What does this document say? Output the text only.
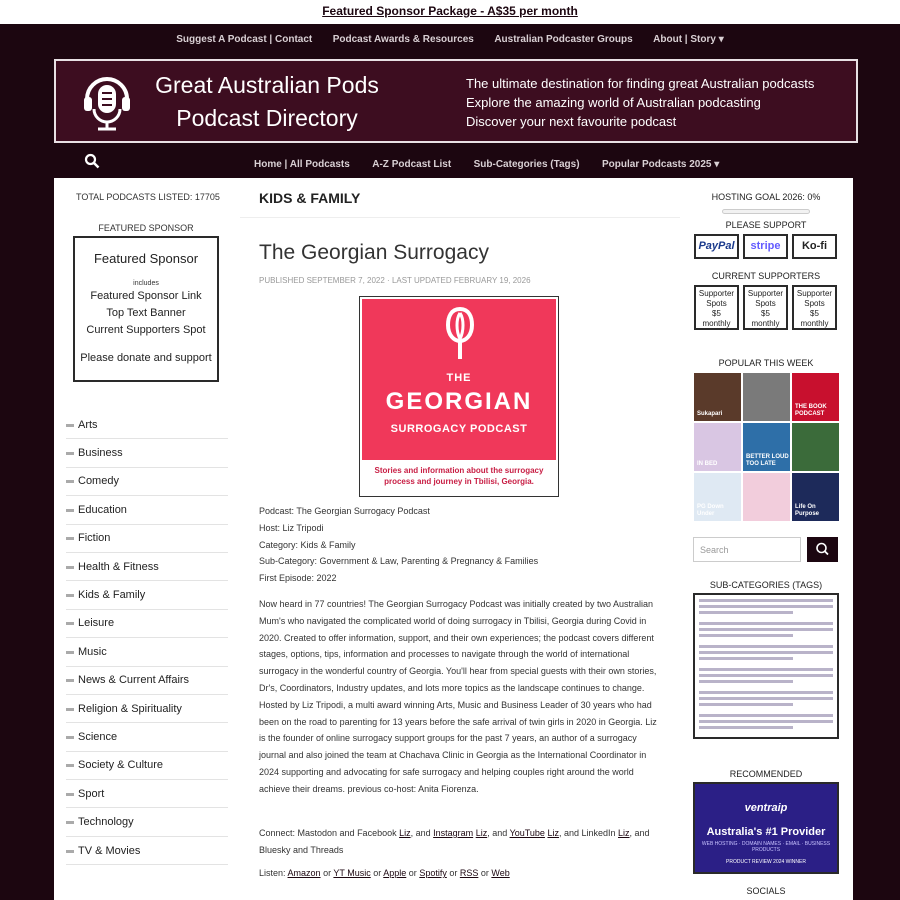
Featured Sponsor Package - A$35 per month
Suggest A Podcast | Contact Podcast Awards & Resources Australian Podcaster Groups About | Story ▾
Great Australian Pods
Podcast Directory
The ultimate destination for finding great Australian podcasts
Explore the amazing world of Australian podcasting
Discover your next favourite podcast
Home | All Podcasts A-Z Podcast List Sub-Categories (Tags) Popular Podcasts 2025 ▾
TOTAL PODCASTS LISTED: 17705
FEATURED SPONSOR
Featured Sponsor
includes
Featured Sponsor Link
Top Text Banner
Current Supporters Spot
Please donate and support
Arts
Business
Comedy
Education
Fiction
Health & Fitness
Kids & Family
Leisure
Music
News & Current Affairs
Religion & Spirituality
Science
Society & Culture
Sport
Technology
TV & Movies
KIDS & FAMILY
The Georgian Surrogacy
PUBLISHED SEPTEMBER 7, 2022 · LAST UPDATED FEBRUARY 19, 2026
THE
GEORGIAN
SURROGACY PODCAST
Stories and information about the surrogacy process and journey in Tbilisi, Georgia.
Podcast: The Georgian Surrogacy Podcast
Host: Liz Tripodi
Category: Kids & Family
Sub-Category: Government & Law, Parenting & Pregnancy & Families
First Episode: 2022
Now heard in 77 countries! The Georgian Surrogacy Podcast was initially created by two Australian Mum's who navigated the complicated world of doing surrogacy in Tbilisi, Georgia during Covid in 2020. Created to offer information, support, and their own experiences; the podcast covers different stages, options, tips, information and processes to navigate through the world of international surrogacy in the wonderful country of Georgia. You'll hear from special guests with their own stories, Dr's, Coordinators, Industry updates, and lots more topics as the landscape continues to change. Hosted by Liz Tripodi, a multi award winning Arts, Music and Business Leader of 30 years who had been on the road to parenting for 13 years before the safe arrival of twin girls in 2020 in Georgia. Liz is the founder of online surrogacy support groups for the past 7 years, an author of a surrogacy journal and also joined the team at Chachava Clinic in Georgia as the International Coordinator in 2024 supporting and advocating for safe surrogacy and helping couples right around the world achieve their dreams. previous co-host: Anita Fiorenza.
Connect: Mastodon and Facebook Liz, and Instagram Liz, and YouTube Liz, and LinkedIn Liz, and Bluesky and Threads
Listen: Amazon or YT Music or Apple or Spotify or RSS or Web
HOSTING GOAL 2026: 0%
PLEASE SUPPORT
PayPal	stripe	Ko-fi
CURRENT SUPPORTERS
Supporter
Spots
$5
monthly
Supporter
Spots
$5
monthly
Supporter
Spots
$5
monthly
POPULAR THIS WEEK
Sukapari
THE BOOK PODCAST
IN BED
BETTER LOUD TOO LATE
PG Down Under
Life On Purpose
Search
SUB-CATEGORIES (TAGS)
RECOMMENDED
ventraip
Australia's #1 Provider
WEB HOSTING · DOMAIN NAMES · EMAIL · BUSINESS PRODUCTS
PRODUCT REVIEW 2024 WINNER
SOCIALS
